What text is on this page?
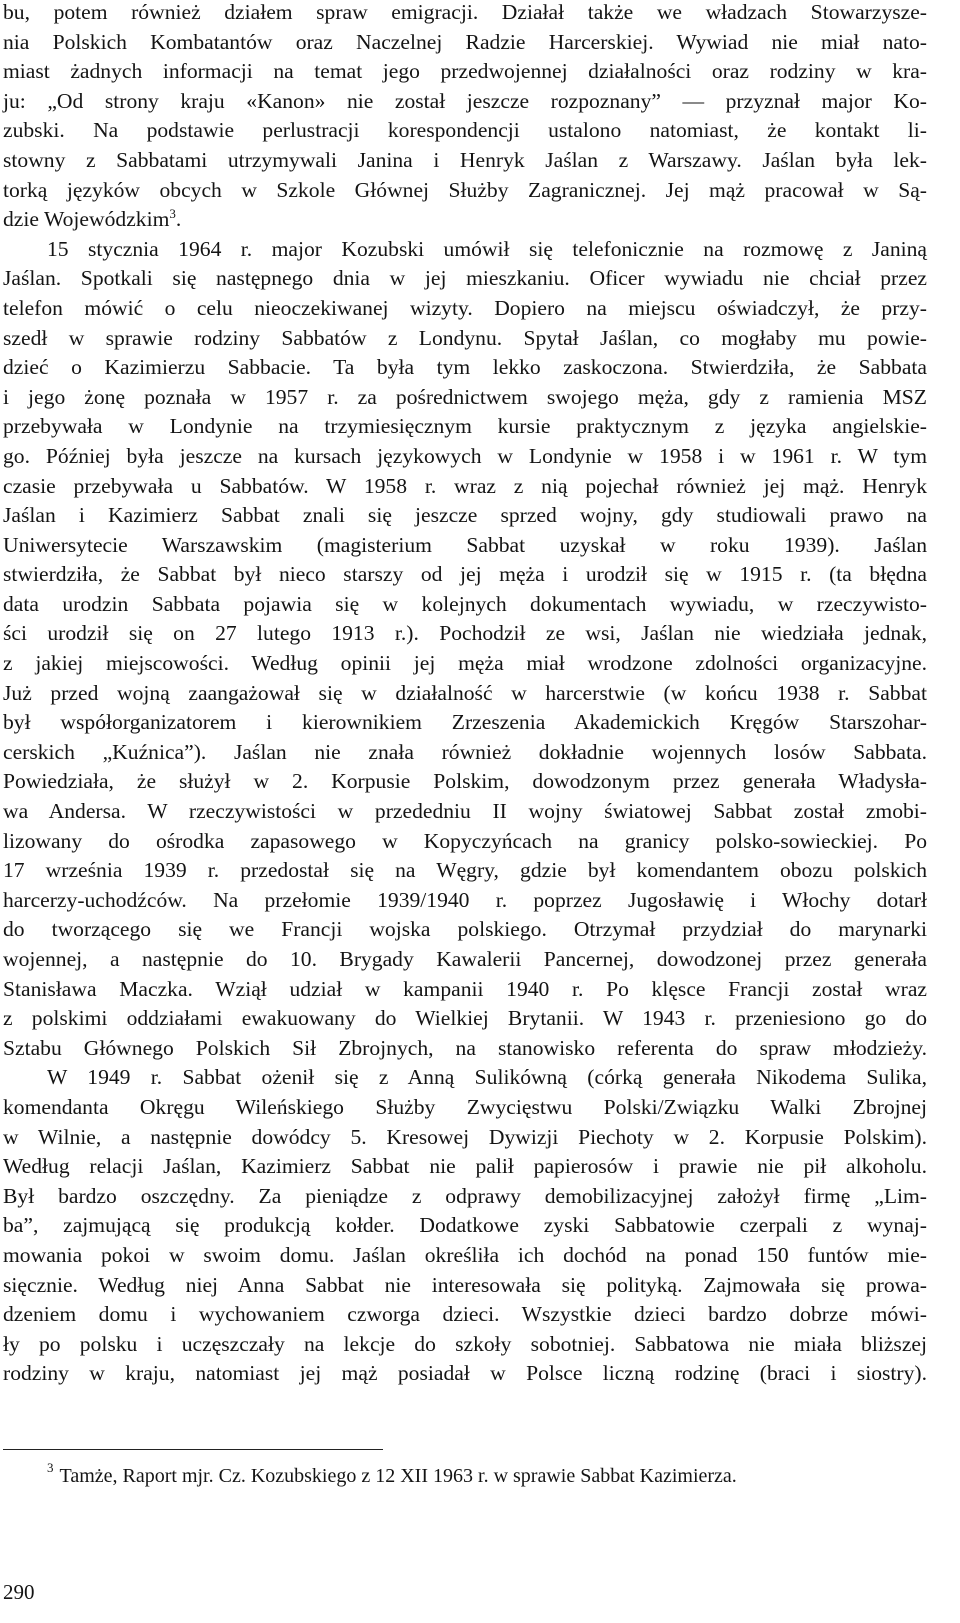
bu, potem również działem spraw emigracji. Działał także we władzach Stowarzysze-
nia Polskich Kombatantów oraz Naczelnej Radzie Harcerskiej. Wywiad nie miał nato-
miast żadnych informacji na temat jego przedwojennej działalności oraz rodziny w kra-
ju: „Od strony kraju «Kanon» nie został jeszcze rozpoznany” — przyznał major Ko-
zubski. Na podstawie perlustracji korespondencji ustalono natomiast, że kontakt li-
stowny z Sabbatami utrzymywali Janina i Henryk Jaślan z Warszawy. Jaślan była lek-
torką języków obcych w Szkole Głównej Służby Zagranicznej. Jej mąż pracował w Są-
dzie Wojewódzkim$^3$.
15 stycznia 1964 r. major Kozubski umówił się telefonicznie na rozmowę z Janiną
Jaślan. Spotkali się następnego dnia w jej mieszkaniu. Oficer wywiadu nie chciał przez
telefon mówić o celu nieoczekiwanej wizyty. Dopiero na miejscu oświadczył, że przy-
szedł w sprawie rodziny Sabbatów z Londynu. Spytał Jaślan, co mogłaby mu powie-
dzieć o Kazimierzu Sabbacie. Ta była tym lekko zaskoczona. Stwierdziła, że Sabbata
i jego żonę poznała w 1957 r. za pośrednictwem swojego męża, gdy z ramienia MSZ
przebywała w Londynie na trzymiesięcznym kursie praktycznym z języka angielskie-
go. Później była jeszcze na kursach językowych w Londynie w 1958 i w 1961 r. W tym
czasie przebywała u Sabbatów. W 1958 r. wraz z nią pojechał również jej mąż. Henryk
Jaślan i Kazimierz Sabbat znali się jeszcze sprzed wojny, gdy studiowali prawo na
Uniwersytecie Warszawskim (magisterium Sabbat uzyskał w roku 1939). Jaślan
stwierdziła, że Sabbat był nieco starszy od jej męża i urodził się w 1915 r. (ta błędna
data urodzin Sabbata pojawia się w kolejnych dokumentach wywiadu, w rzeczywisto-
ści urodził się on 27 lutego 1913 r.). Pochodził ze wsi, Jaślan nie wiedziała jednak,
z jakiej miejscowości. Według opinii jej męża miał wrodzone zdolności organizacyjne.
Już przed wojną zaangażował się w działalność w harcerstwie (w końcu 1938 r. Sabbat
był współorganizatorem i kierownikiem Zrzeszenia Akademickich Kręgów Starszohar-
cerskich „Kuźnica”). Jaślan nie znała również dokładnie wojennych losów Sabbata.
Powiedziała, że służył w 2. Korpusie Polskim, dowodzonym przez generała Władysła-
wa Andersa. W rzeczywistości w przededniu II wojny światowej Sabbat został zmobi-
lizowany do ośrodka zapasowego w Kopyczyńcach na granicy polsko-sowieckiej. Po
17 września 1939 r. przedostał się na Węgry, gdzie był komendantem obozu polskich
harcerzy-uchodźców. Na przełomie 1939/1940 r. poprzez Jugosławię i Włochy dotarł
do tworzącego się we Francji wojska polskiego. Otrzymał przydział do marynarki
wojennej, a następnie do 10. Brygady Kawalerii Pancernej, dowodzonej przez generała
Stanisława Maczka. Wziął udział w kampanii 1940 r. Po klęsce Francji został wraz
z polskimi oddziałami ewakuowany do Wielkiej Brytanii. W 1943 r. przeniesiono go do
Sztabu Głównego Polskich Sił Zbrojnych, na stanowisko referenta do spraw młodzieży.
W 1949 r. Sabbat ożenił się z Anną Sulikówną (córką generała Nikodema Sulika,
komendanta Okręgu Wileńskiego Służby Zwycięstwu Polski/Związku Walki Zbrojnej
w Wilnie, a następnie dowódcy 5. Kresowej Dywizji Piechoty w 2. Korpusie Polskim).
Według relacji Jaślan, Kazimierz Sabbat nie palił papierosów i prawie nie pił alkoholu.
Był bardzo oszczędny. Za pieniądze z odprawy demobilizacyjnej założył firmę „Lim-
ba”, zajmującą się produkcją kołder. Dodatkowe zyski Sabbatowie czerpali z wynaj-
mowania pokoi w swoim domu. Jaślan określiła ich dochód na ponad 150 funtów mie-
sięcznie. Według niej Anna Sabbat nie interesowała się polityką. Zajmowała się prowa-
dzeniem domu i wychowaniem czworga dzieci. Wszystkie dzieci bardzo dobrze mówi-
ły po polsku i uczęszczały na lekcje do szkoły sobotniej. Sabbatowa nie miała bliższej
rodziny w kraju, natomiast jej mąż posiadał w Polsce liczną rodzinę (braci i siostry).
$^3$ Tamże, Raport mjr. Cz. Kozubskiego z 12 XII 1963 r. w sprawie Sabbat Kazimierza.
290
